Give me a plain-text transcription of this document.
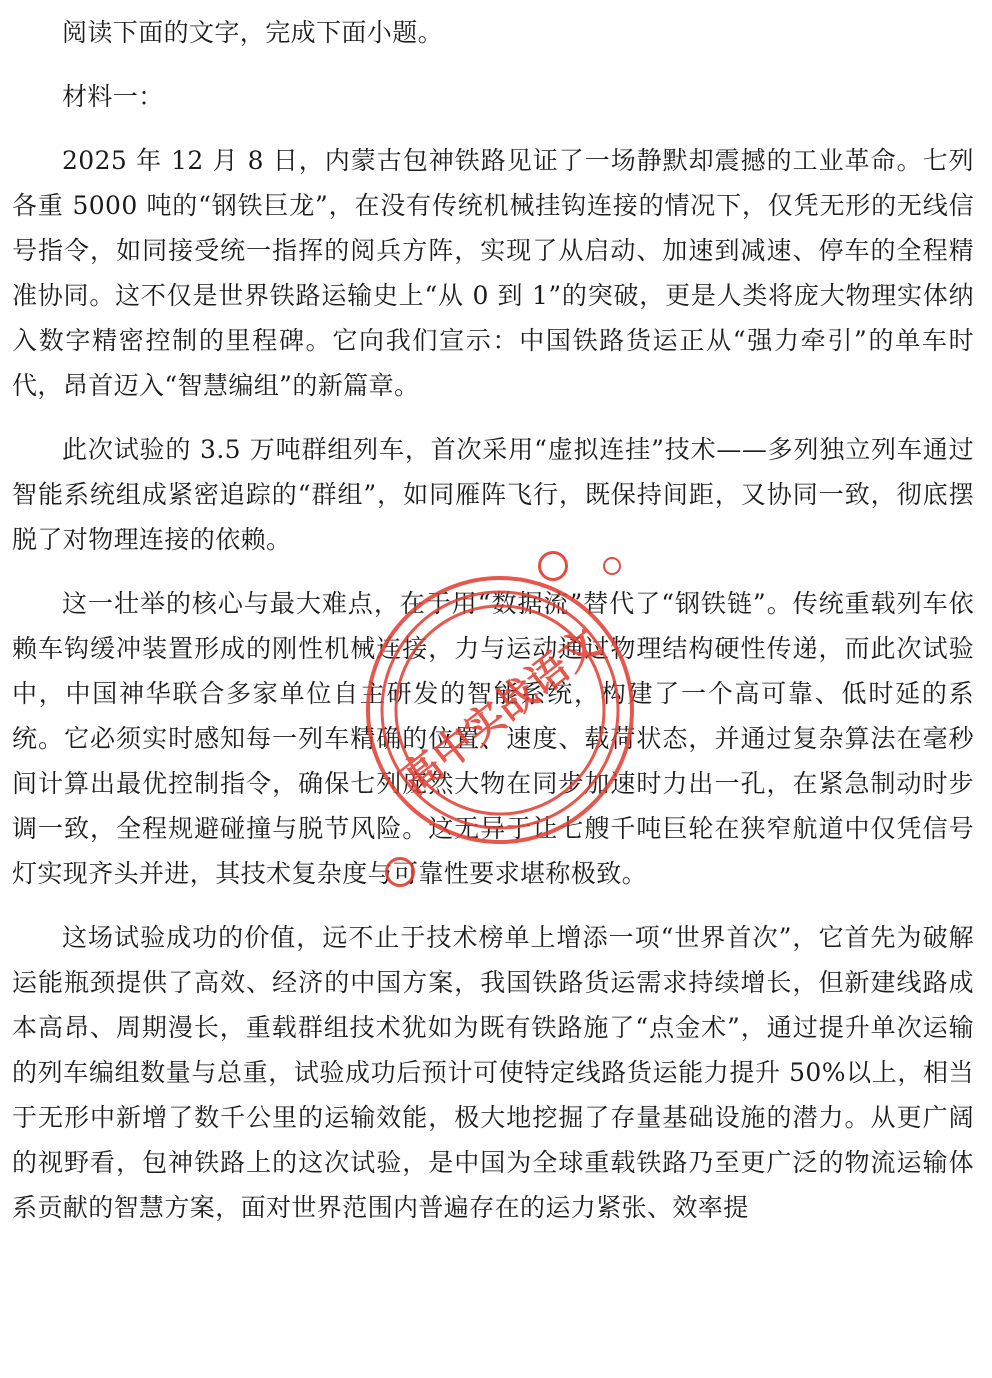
阅读下面的文字，完成下面小题。

材料一：

2025 年 12 月 8 日，内蒙古包神铁路见证了一场静默却震撼的工业革命。七列各重 5000 吨的“钢铁巨龙”，在没有传统机械挂钩连接的情况下，仅凭无形的无线信号指令，如同接受统一指挥的阅兵方阵，实现了从启动、加速到减速、停车的全程精准协同。这不仅是世界铁路运输史上“从 0 到 1”的突破，更是人类将庞大物理实体纳入数字精密控制的里程碑。它向我们宣示：中国铁路货运正从“强力牵引”的单车时代，昂首迈入“智慧编组”的新篇章。

此次试验的 3.5 万吨群组列车，首次采用“虚拟连挂”技术——多列独立列车通过智能系统组成紧密追踪的“群组”，如同雁阵飞行，既保持间距，又协同一致，彻底摆脱了对物理连接的依赖。

这一壮举的核心与最大难点，在于用“数据流”替代了“钢铁链”。传统重载列车依赖车钩缓冲装置形成的刚性机械连接，力与运动通过物理结构硬性传递，而此次试验中，中国神华联合多家单位自主研发的智能系统，构建了一个高可靠、低时延的系统。它必须实时感知每一列车精确的位置、速度、载荷状态，并通过复杂算法在毫秒间计算出最优控制指令，确保七列庞然大物在同步加速时力出一孔，在紧急制动时步调一致，全程规避碰撞与脱节风险。这无异于让七艘千吨巨轮在狭窄航道中仅凭信号灯实现齐头并进，其技术复杂度与可靠性要求堪称极致。

这场试验成功的价值，远不止于技术榜单上增添一项“世界首次”，它首先为破解运能瓶颈提供了高效、经济的中国方案，我国铁路货运需求持续增长，但新建线路成本高昂、周期漫长，重载群组技术犹如为既有铁路施了“点金术”，通过提升单次运输的列车编组数量与总重，试验成功后预计可使特定线路货运能力提升 50%以上，相当于无形中新增了数千公里的运输效能，极大地挖掘了存量基础设施的潜力。从更广阔的视野看，包神铁路上的这次试验，是中国为全球重载铁路乃至更广泛的物流运输体系贡献的智慧方案，面对世界范围内普遍存在的运力紧张、效率提

高中实战语文
